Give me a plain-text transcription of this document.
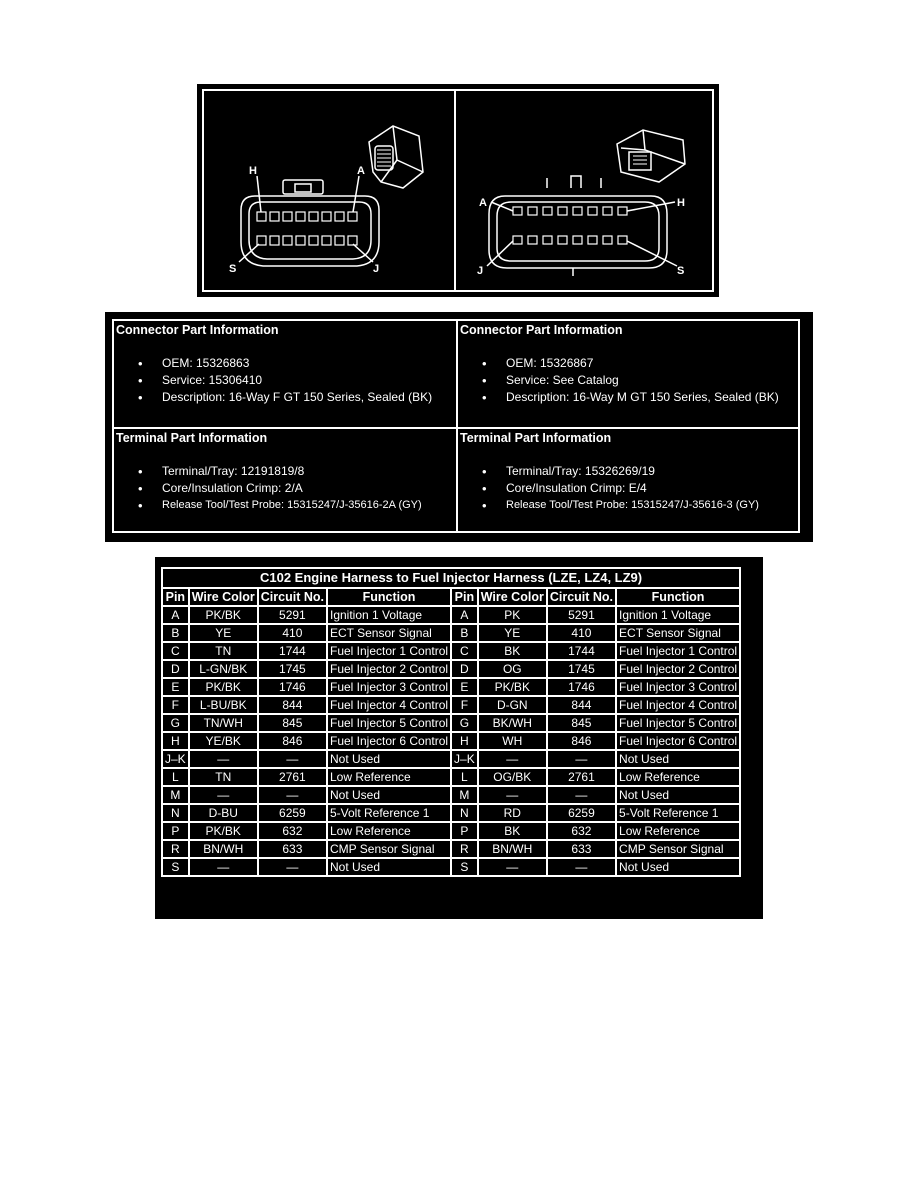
H	A
S	J
A	H
J	S
Connector Part Information
• OEM: 15326863
• Service: 15306410
• Description: 16-Way F GT 150 Series, Sealed (BK)
Connector Part Information
• OEM: 15326867
• Service: See Catalog
• Description: 16-Way M GT 150 Series, Sealed (BK)
Terminal Part Information
• Terminal/Tray: 12191819/8
• Core/Insulation Crimp: 2/A
• Release Tool/Test Probe: 15315247/J-35616-2A (GY)
Terminal Part Information
• Terminal/Tray: 15326269/19
• Core/Insulation Crimp: E/4
• Release Tool/Test Probe: 15315247/J-35616-3 (GY)
C102 Engine Harness to Fuel Injector Harness (LZE, LZ4, LZ9)							
Pin	Wire Color	Circuit No.	Function	Pin	Wire Color	Circuit No.	Function
A	PK/BK	5291	Ignition 1 Voltage	A	PK	5291	Ignition 1 Voltage
B	YE	410	ECT Sensor Signal	B	YE	410	ECT Sensor Signal
C	TN	1744	Fuel Injector 1 Control	C	BK	1744	Fuel Injector 1 Control
D	L-GN/BK	1745	Fuel Injector 2 Control	D	OG	1745	Fuel Injector 2 Control
E	PK/BK	1746	Fuel Injector 3 Control	E	PK/BK	1746	Fuel Injector 3 Control
F	L-BU/BK	844	Fuel Injector 4 Control	F	D-GN	844	Fuel Injector 4 Control
G	TN/WH	845	Fuel Injector 5 Control	G	BK/WH	845	Fuel Injector 5 Control
H	YE/BK	846	Fuel Injector 6 Control	H	WH	846	Fuel Injector 6 Control
J–K	—	—	Not Used	J–K	—	—	Not Used
L	TN	2761	Low Reference	L	OG/BK	2761	Low Reference
M	—	—	Not Used	M	—	—	Not Used
N	D-BU	6259	5-Volt Reference 1	N	RD	6259	5-Volt Reference 1
P	PK/BK	632	Low Reference	P	BK	632	Low Reference
R	BN/WH	633	CMP Sensor Signal	R	BN/WH	633	CMP Sensor Signal
S	—	—	Not Used	S	—	—	Not Used
